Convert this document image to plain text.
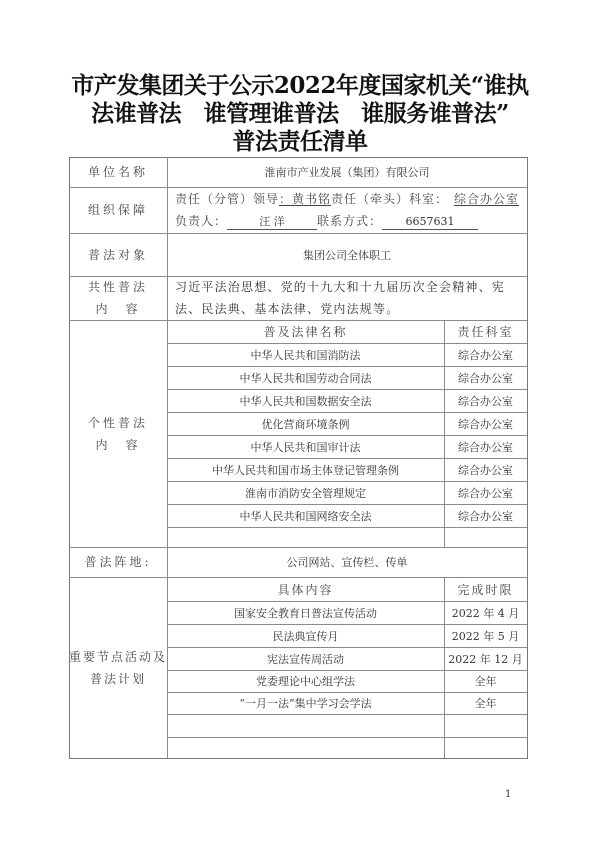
市产发集团关于公示2022年度国家机关“谁执
法谁普法　谁管理谁普法　谁服务谁普法”
普法责任清单
单位名称	淮南市产业发展（集团）有限公司
组织保障
责任（分管）领导：黄书铭责任（牵头）科室： 综合办公室
负责人：	汪 洋	联系方式： 6657631
普法对象	集团公司全体职工
共性普法
内　容
习近平法治思想、党的十九大和十九届历次全会精神、宪法、民法典、基本法律、党内法规等。
个性普法
内　容
普及法律名称	责任科室
中华人民共和国消防法	综合办公室
中华人民共和国劳动合同法	综合办公室
中华人民共和国数据安全法	综合办公室
优化营商环境条例	综合办公室
中华人民共和国审计法	综合办公室
中华人民共和国市场主体登记管理条例	综合办公室
淮南市消防安全管理规定	综合办公室
中华人民共和国网络安全法	综合办公室
普法阵地:	公司网站、宣传栏、传单
重要节点活动及
普法计划
具体内容	完成时限
国家安全教育日普法宣传活动	2022 年 4 月
民法典宣传月	2022 年 5 月
宪法宣传周活动	2022 年 12 月
党委理论中心组学法	全年
“一月一法”集中学习会学法	全年
1
